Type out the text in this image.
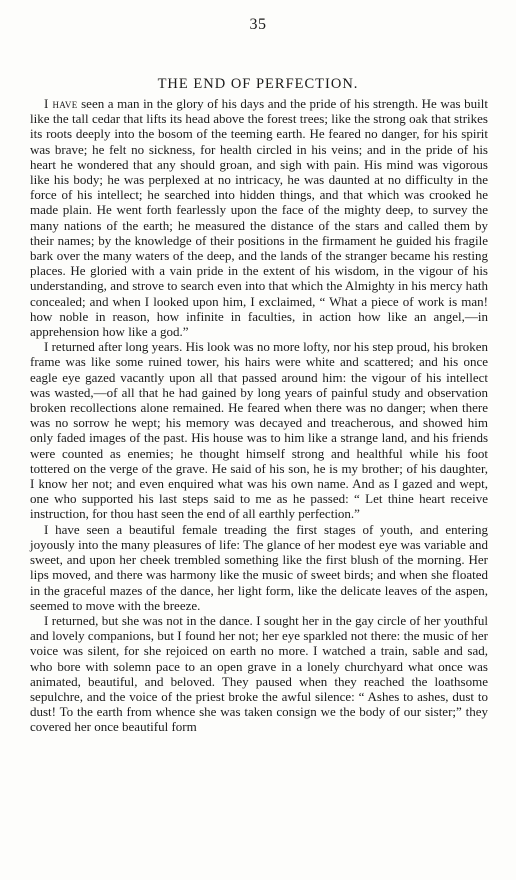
35
THE END OF PERFECTION.

I have seen a man in the glory of his days and the pride of his strength. He was built like the tall cedar that lifts its head above the forest trees; like the strong oak that strikes its roots deeply into the bosom of the teeming earth. He feared no danger, for his spirit was brave; he felt no sickness, for health circled in his veins; and in the pride of his heart he wondered that any should groan, and sigh with pain. His mind was vigorous like his body; he was perplexed at no intricacy, he was daunted at no difficulty in the force of his intellect; he searched into hidden things, and that which was crooked he made plain. He went forth fearlessly upon the face of the mighty deep, to survey the many nations of the earth; he measured the distance of the stars and called them by their names; by the knowledge of their positions in the firmament he guided his fragile bark over the many waters of the deep, and the lands of the stranger became his resting places. He gloried with a vain pride in the extent of his wisdom, in the vigour of his understanding, and strove to search even into that which the Almighty in his mercy hath concealed; and when I looked upon him, I exclaimed, “ What a piece of work is man! how noble in reason, how infinite in faculties, in action how like an angel,—in apprehension how like a god.”

I returned after long years. His look was no more lofty, nor his step proud, his broken frame was like some ruined tower, his hairs were white and scattered; and his once eagle eye gazed vacantly upon all that passed around him: the vigour of his intellect was wasted,—of all that he had gained by long years of painful study and observation broken recollections alone remained. He feared when there was no danger; when there was no sorrow he wept; his memory was decayed and treacherous, and showed him only faded images of the past. His house was to him like a strange land, and his friends were counted as enemies; he thought himself strong and healthful while his foot tottered on the verge of the grave. He said of his son, he is my brother; of his daughter, I know her not; and even enquired what was his own name. And as I gazed and wept, one who supported his last steps said to me as he passed: “ Let thine heart receive instruction, for thou hast seen the end of all earthly perfection.”

I have seen a beautiful female treading the first stages of youth, and entering joyously into the many pleasures of life: The glance of her modest eye was variable and sweet, and upon her cheek trembled something like the first blush of the morning. Her lips moved, and there was harmony like the music of sweet birds; and when she floated in the graceful mazes of the dance, her light form, like the delicate leaves of the aspen, seemed to move with the breeze.

I returned, but she was not in the dance. I sought her in the gay circle of her youthful and lovely companions, but I found her not; her eye sparkled not there: the music of her voice was silent, for she rejoiced on earth no more. I watched a train, sable and sad, who bore with solemn pace to an open grave in a lonely churchyard what once was animated, beautiful, and beloved. They paused when they reached the loathsome sepulchre, and the voice of the priest broke the awful silence: “ Ashes to ashes, dust to dust! To the earth from whence she was taken consign we the body of our sister;” they covered her once beautiful form
